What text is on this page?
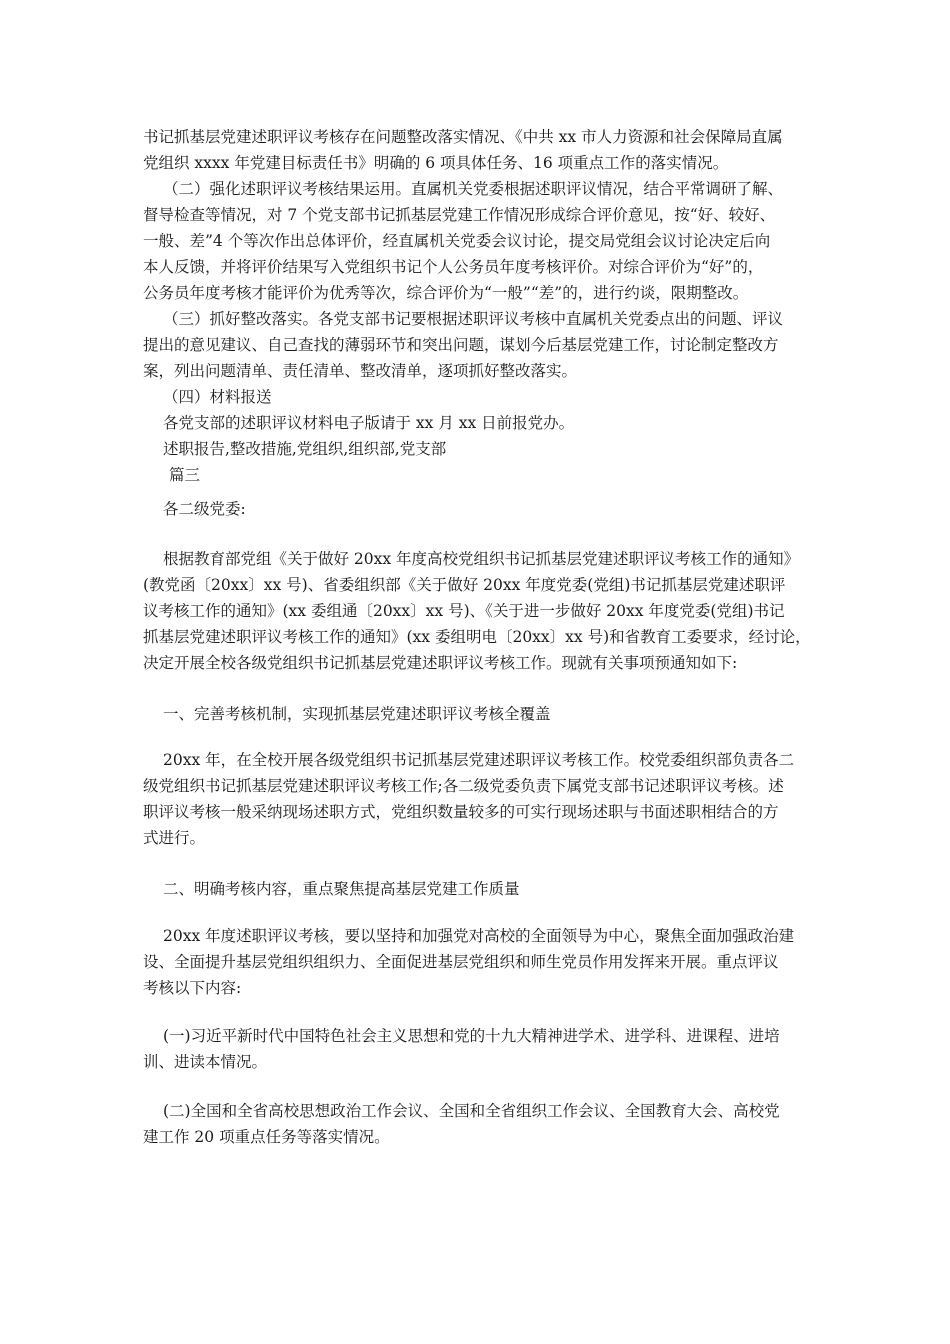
书记抓基层党建述职评议考核存在问题整改落实情况、《中共 xx 市人力资源和社会保障局直属
党组织 xxxx 年党建目标责任书》明确的 6 项具体任务、16 项重点工作的落实情况。
（二）强化述职评议考核结果运用。直属机关党委根据述职评议情况，结合平常调研了解、
督导检查等情况，对 7 个党支部书记抓基层党建工作情况形成综合评价意见，按“好、较好、
一般、差”4 个等次作出总体评价，经直属机关党委会议讨论，提交局党组会议讨论决定后向
本人反馈，并将评价结果写入党组织书记个人公务员年度考核评价。对综合评价为“好”的，
公务员年度考核才能评价为优秀等次，综合评价为“一般”“差”的，进行约谈，限期整改。
（三）抓好整改落实。各党支部书记要根据述职评议考核中直属机关党委点出的问题、评议
提出的意见建议、自己查找的薄弱环节和突出问题，谋划今后基层党建工作，讨论制定整改方
案，列出问题清单、责任清单、整改清单，逐项抓好整改落实。
（四）材料报送
各党支部的述职评议材料电子版请于 xx 月 xx 日前报党办。
述职报告,整改措施,党组织,组织部,党支部
篇三
各二级党委:
根据教育部党组《关于做好 20xx 年度高校党组织书记抓基层党建述职评议考核工作的通知》
(教党函〔20xx〕xx 号)、省委组织部《关于做好 20xx 年度党委(党组)书记抓基层党建述职评
议考核工作的通知》(xx 委组通〔20xx〕xx 号)、《关于进一步做好 20xx 年度党委(党组)书记
抓基层党建述职评议考核工作的通知》(xx 委组明电〔20xx〕xx 号)和省教育工委要求，经讨论，
决定开展全校各级党组织书记抓基层党建述职评议考核工作。现就有关事项预通知如下:
一、完善考核机制，实现抓基层党建述职评议考核全覆盖
20xx 年，在全校开展各级党组织书记抓基层党建述职评议考核工作。校党委组织部负责各二
级党组织书记抓基层党建述职评议考核工作;各二级党委负责下属党支部书记述职评议考核。述
职评议考核一般采纳现场述职方式，党组织数量较多的可实行现场述职与书面述职相结合的方
式进行。
二、明确考核内容，重点聚焦提高基层党建工作质量
20xx 年度述职评议考核，要以坚持和加强党对高校的全面领导为中心，聚焦全面加强政治建
设、全面提升基层党组织组织力、全面促进基层党组织和师生党员作用发挥来开展。重点评议
考核以下内容:
(一)习近平新时代中国特色社会主义思想和党的十九大精神进学术、进学科、进课程、进培
训、进读本情况。
(二)全国和全省高校思想政治工作会议、全国和全省组织工作会议、全国教育大会、高校党
建工作 20 项重点任务等落实情况。
